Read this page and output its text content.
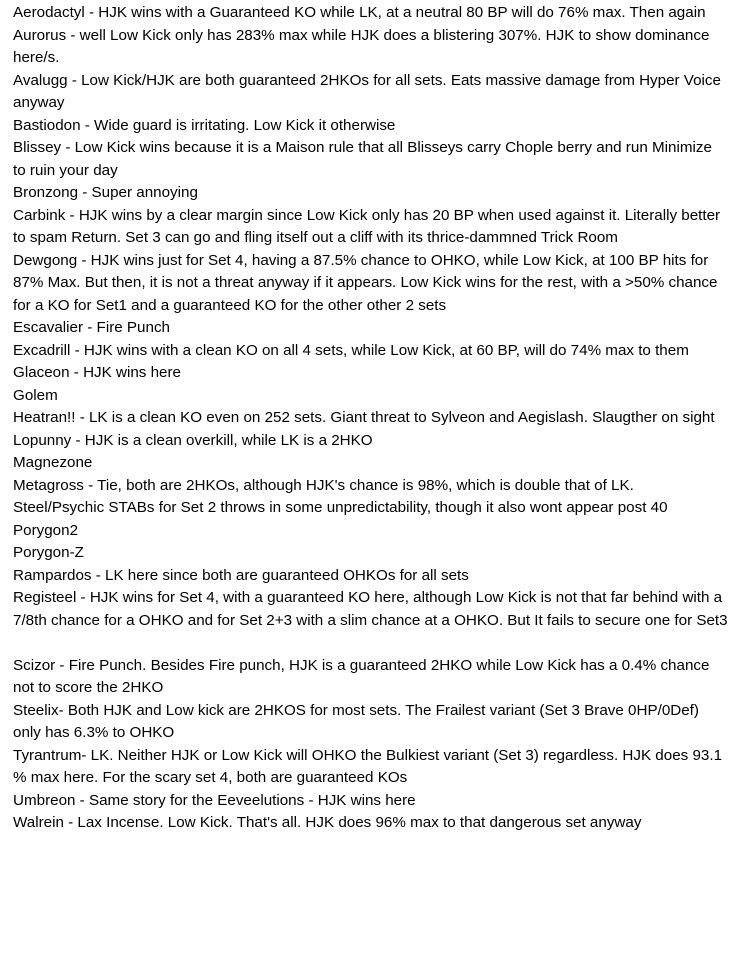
Aerodactyl - HJK wins with a Guaranteed KO while LK, at a neutral 80 BP will do 76% max. Then again

Aurorus - well Low Kick only has 283% max while HJK does a blistering 307%. HJK to show dominance here/s.

Avalugg - Low Kick/HJK are both guaranteed 2HKOs for all sets. Eats massive damage from Hyper Voice anyway

Bastiodon - Wide guard is irritating. Low Kick it otherwise

Blissey - Low Kick wins because it is a Maison rule that all Blisseys carry Chople berry and run Minimize to ruin your day

Bronzong - Super annoying

Carbink - HJK wins by a clear margin since Low Kick only has 20 BP when used against it. Literally better to spam Return. Set 3 can go and fling itself out a cliff with its thrice-dammned Trick Room

Dewgong - HJK wins just for Set 4, having a 87.5% chance to OHKO, while Low Kick, at 100 BP hits for 87% Max. But then, it is not a threat anyway if it appears. Low Kick wins for the rest, with a >50% chance for a KO for Set1 and a guaranteed KO for the other other 2 sets

Escavalier - Fire Punch

Excadrill - HJK wins with a clean KO on all 4 sets, while Low Kick, at 60 BP, will do 74% max to them

Glaceon - HJK wins here

Golem

Heatran!! - LK is a clean KO even on 252 sets. Giant threat to Sylveon and Aegislash. Slaugther on sight

Lopunny - HJK is a clean overkill, while LK is a 2HKO

Magnezone

Metagross - Tie, both are 2HKOs, although HJK's chance is 98%, which is double that of LK. Steel/Psychic STABs for Set 2 throws in some unpredictability, though it also wont appear post 40

Porygon2

Porygon-Z

Rampardos - LK here since both are guaranteed OHKOs for all sets

Registeel - HJK wins for Set 4, with a guaranteed KO here, although Low Kick is not that far behind with a 7/8th chance for a OHKO and for Set 2+3 with a slim chance at a OHKO. But It fails to secure one for Set3

Scizor - Fire Punch. Besides Fire punch, HJK is a guaranteed 2HKO while Low Kick has a 0.4% chance not to score the 2HKO

Steelix- Both HJK and Low kick are 2HKOS for most sets. The Frailest variant (Set 3 Brave 0HP/0Def) only has 6.3% to OHKO

Tyrantrum- LK. Neither HJK or Low Kick will OHKO the Bulkiest variant (Set 3) regardless. HJK does 93.1 % max here. For the scary set 4, both are guaranteed KOs

Umbreon - Same story for the Eeveelutions - HJK wins here

Walrein - Lax Incense. Low Kick. That's all. HJK does 96% max to that dangerous set anyway
